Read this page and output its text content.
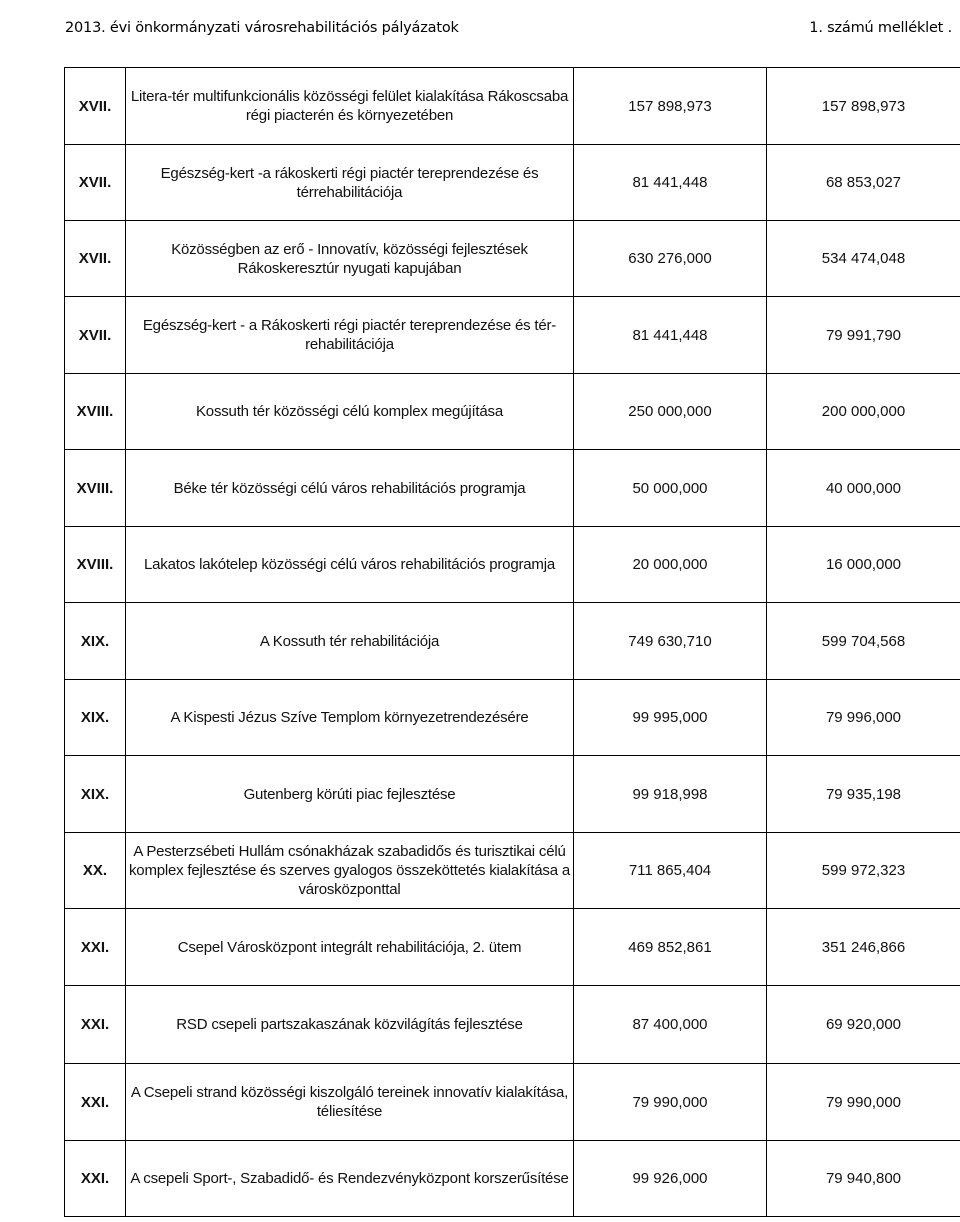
2013. évi önkormányzati városrehabilitációs pályázatok	1. számú melléklet .
XVII.	Litera-tér multifunkcionális közösségi felület kialakítása Rákoscsaba régi piacterén és környezetében	157 898,973	157 898,973
XVII.	Egészség-kert -a rákoskerti régi piactér tereprendezése és térrehabilitációja	81 441,448	68 853,027
XVII.	Közösségben az erő - Innovatív, közösségi fejlesztések Rákoskeresztúr nyugati kapujában	630 276,000	534 474,048
XVII.	Egészség-kert - a Rákoskerti régi piactér tereprendezése és tér-rehabilitációja	81 441,448	79 991,790
XVIII.	Kossuth tér közösségi célú komplex megújítása	250 000,000	200 000,000
XVIII.	Béke tér közösségi célú város rehabilitációs programja	50 000,000	40 000,000
XVIII.	Lakatos lakótelep közösségi célú város rehabilitációs programja	20 000,000	16 000,000
XIX.	A Kossuth tér rehabilitációja	749 630,710	599 704,568
XIX.	A Kispesti Jézus Szíve Templom környezetrendezésére	99 995,000	79 996,000
XIX.	Gutenberg körúti piac fejlesztése	99 918,998	79 935,198
XX.	A Pesterzsébeti Hullám csónakházak szabadidős és turisztikai célú komplex fejlesztése és szerves gyalogos összeköttetés kialakítása a városközponttal	711 865,404	599 972,323
XXI.	Csepel Városközpont integrált rehabilitációja, 2. ütem	469 852,861	351 246,866
XXI.	RSD csepeli partszakaszának közvilágítás fejlesztése	87 400,000	69 920,000
XXI.	A Csepeli strand közösségi kiszolgáló tereinek innovatív kialakítása, téliesítése	79 990,000	79 990,000
XXI.	A csepeli Sport-, Szabadidő- és Rendezvényközpont korszerűsítése	99 926,000	79 940,800
